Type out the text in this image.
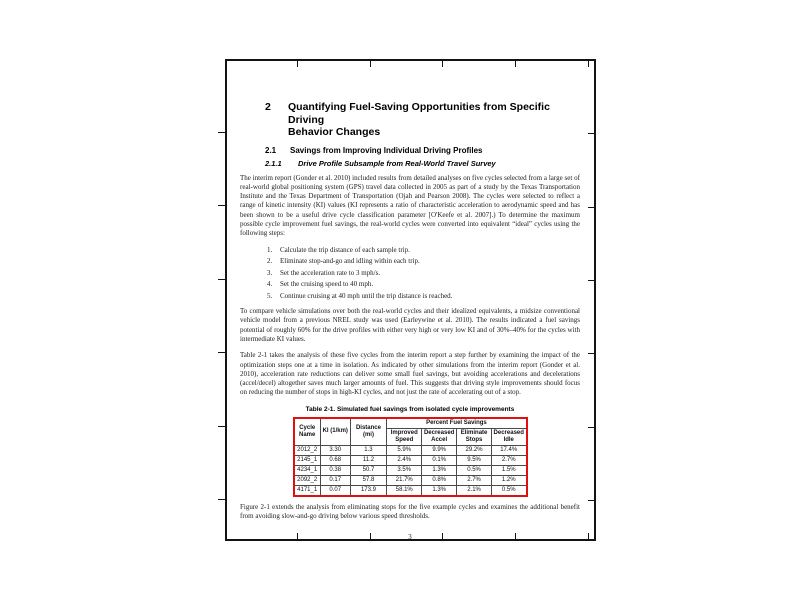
2	Quantifying Fuel-Saving Opportunities from Specific Driving
Behavior Changes
2.1	Savings from Improving Individual Driving Profiles
2.1.1	Drive Profile Subsample from Real-World Travel Survey

The interim report (Gonder et al. 2010) included results from detailed analyses on five cycles selected from a large set of real-world global positioning system (GPS) travel data collected in 2005 as part of a study by the Texas Transportation Institute and the Texas Department of Transportation (Ojah and Pearson 2008). The cycles were selected to reflect a range of kinetic intensity (KI) values (KI represents a ratio of characteristic acceleration to aerodynamic speed and has been shown to be a useful drive cycle classification parameter [O'Keefe et al. 2007].) To determine the maximum possible cycle improvement fuel savings, the real-world cycles were converted into equivalent “ideal” cycles using the following steps:

1.	Calculate the trip distance of each sample trip.
2.	Eliminate stop-and-go and idling within each trip.
3.	Set the acceleration rate to 3 mph/s.
4.	Set the cruising speed to 40 mph.
5.	Continue cruising at 40 mph until the trip distance is reached.

To compare vehicle simulations over both the real-world cycles and their idealized equivalents, a midsize conventional vehicle model from a previous NREL study was used (Earleywine et al. 2010). The results indicated a fuel savings potential of roughly 60% for the drive profiles with either very high or very low KI and of 30%–40% for the cycles with intermediate KI values.

Table 2-1 takes the analysis of these five cycles from the interim report a step further by examining the impact of the optimization steps one at a time in isolation. As indicated by other simulations from the interim report (Gonder et al. 2010), acceleration rate reductions can deliver some small fuel savings, but avoiding accelerations and decelerations (accel/decel) altogether saves much larger amounts of fuel. This suggests that driving style improvements should focus on reducing the number of stops in high-KI cycles, and not just the rate of accelerating out of a stop.

Table 2-1. Simulated fuel savings from isolated cycle improvements
Cycle Name	KI (1/km)	Distance (mi)	Percent Fuel Savings			
			Improved Speed	Decreased Accel	Eliminate Stops	Decreased Idle
2012_2	3.30	1.3	5.9%	9.9%	29.2%	17.4%
2145_1	0.68	11.2	2.4%	0.1%	9.5%	2.7%
4234_1	0.38	50.7	3.5%	1.3%	0.5%	1.5%
2092_2	0.17	57.8	21.7%	0.8%	2.7%	1.2%
4171_1	0.07	173.9	58.1%	1.3%	2.1%	0.5%

Figure 2-1 extends the analysis from eliminating stops for the five example cycles and examines the additional benefit from avoiding slow-and-go driving below various speed thresholds.

3
